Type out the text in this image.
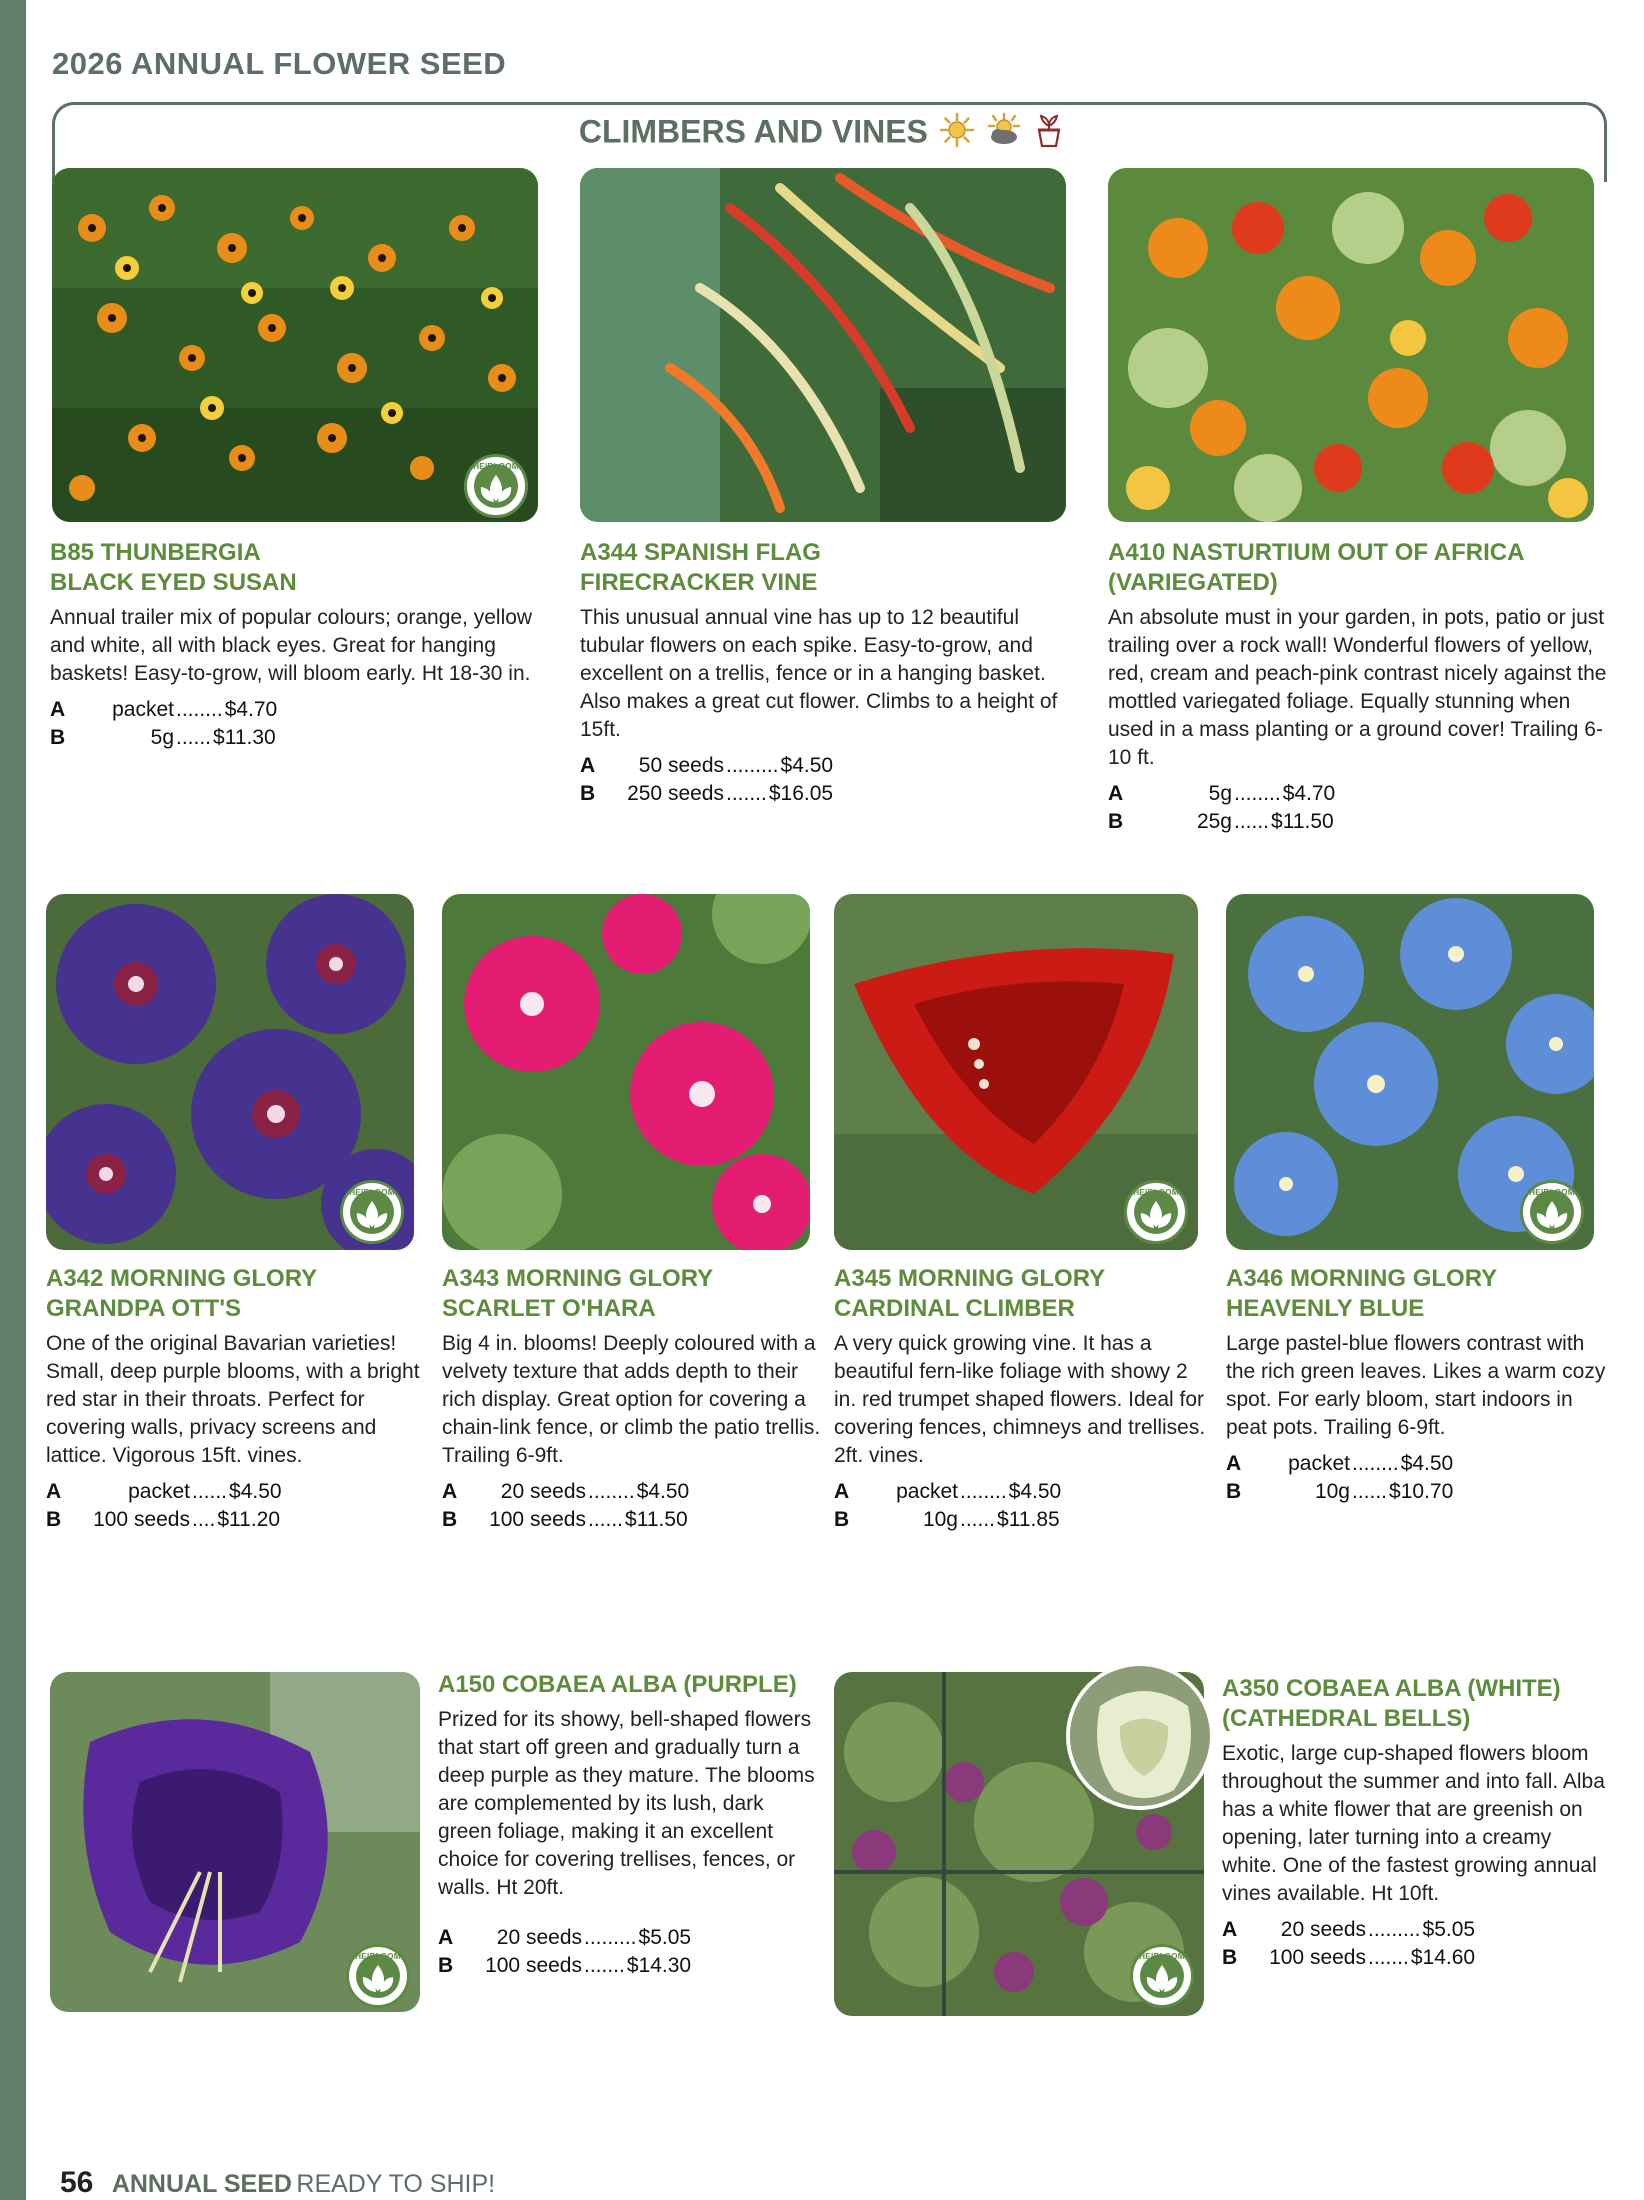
2026 ANNUAL FLOWER SEED
CLIMBERS AND VINES
HEIRLOOM
B85 THUNBERGIA
BLACK EYED SUSAN

Annual trailer mix of popular colours; orange, yellow and white, all with black eyes. Great for hanging baskets! Easy-to-grow, will bloom early. Ht 18-30 in.

A	packet ........ $4.70
B	5g ...... $11.30
A344 SPANISH FLAG
FIRECRACKER VINE

This unusual annual vine has up to 12 beautiful tubular flowers on each spike. Easy-to-grow, and excellent on a trellis, fence or in a hanging basket. Also makes a great cut flower. Climbs to a height of 15ft.

A	50 seeds ......... $4.50
B	250 seeds ....... $16.05
A410 NASTURTIUM OUT OF AFRICA
(VARIEGATED)

An absolute must in your garden, in pots, patio or just trailing over a rock wall! Wonderful flowers of yellow, red, cream and peach-pink contrast nicely against the mottled variegated foliage. Equally stunning when used in a mass planting or a ground cover! Trailing 6-10 ft.

A	5g ........ $4.70
B	25g ...... $11.50
HEIRLOOM	HEIRLOOM	HEIRLOOM
A342 MORNING GLORY
GRANDPA OTT'S

One of the original Bavarian varieties! Small, deep purple blooms, with a bright red star in their throats. Perfect for covering walls, privacy screens and lattice. Vigorous 15ft. vines.

A	packet ...... $4.50
B	100 seeds .... $11.20
A343 MORNING GLORY
SCARLET O'HARA

Big 4 in. blooms! Deeply coloured with a velvety texture that adds depth to their rich display. Great option for covering a chain-link fence, or climb the patio trellis. Trailing 6-9ft.

A	20 seeds ........ $4.50
B	100 seeds ...... $11.50
A345 MORNING GLORY
CARDINAL CLIMBER

A very quick growing vine. It has a beautiful fern-like foliage with showy 2 in. red trumpet shaped flowers. Ideal for covering fences, chimneys and trellises. 2ft. vines.

A	packet ........ $4.50
B	10g ...... $11.85
A346 MORNING GLORY
HEAVENLY BLUE

Large pastel-blue flowers contrast with the rich green leaves. Likes a warm cozy spot. For early bloom, start indoors in peat pots. Trailing 6-9ft.

A	packet ........ $4.50
B	10g ...... $10.70
HEIRLOOM	HEIRLOOM
A150 COBAEA ALBA (PURPLE)

Prized for its showy, bell-shaped flowers that start off green and gradually turn a deep purple as they mature. The blooms are complemented by its lush, dark green foliage, making it an excellent choice for covering trellises, fences, or walls. Ht 20ft.

A	20 seeds ......... $5.05
B	100 seeds ....... $14.30
A350 COBAEA ALBA (WHITE)
(CATHEDRAL BELLS)

Exotic, large cup-shaped flowers bloom throughout the summer and into fall. Alba has a white flower that are greenish on opening, later turning into a creamy white. One of the fastest growing annual vines available. Ht 10ft.

A	20 seeds ......... $5.05
B	100 seeds ....... $14.60
56 ANNUAL SEED READY TO SHIP!
